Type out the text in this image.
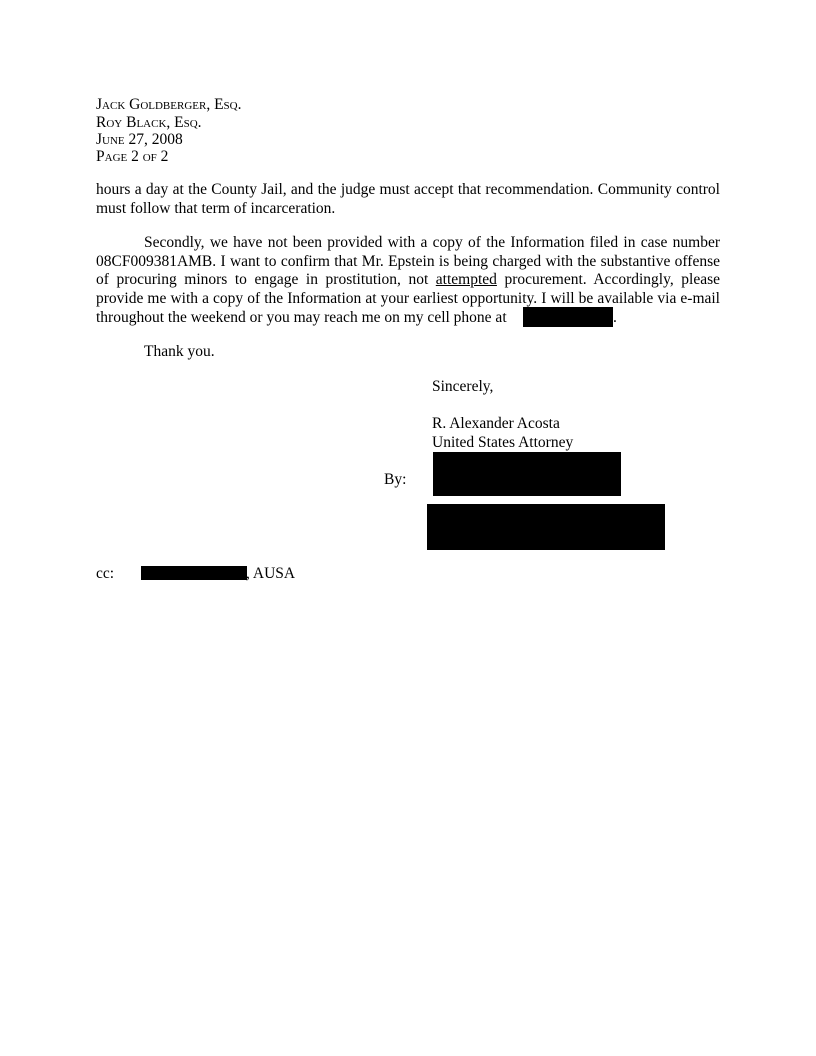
Jack Goldberger, Esq.
Roy Black, Esq.
June 27, 2008
Page 2 of 2
hours a day at the County Jail, and the judge must accept that recommendation. Community control
must follow that term of incarceration.
Secondly, we have not been provided with a copy of the Information filed in case number
08CF009381AMB. I want to confirm that Mr. Epstein is being charged with the substantive offense
of procuring minors to engage in prostitution, not attempted procurement. Accordingly, please
provide me with a copy of the Information at your earliest opportunity. I will be available via e-mail
throughout the weekend or you may reach me on my cell phone at	.
Thank you.
Sincerely,
R. Alexander Acosta
United States Attorney
By:
cc:	, AUSA
